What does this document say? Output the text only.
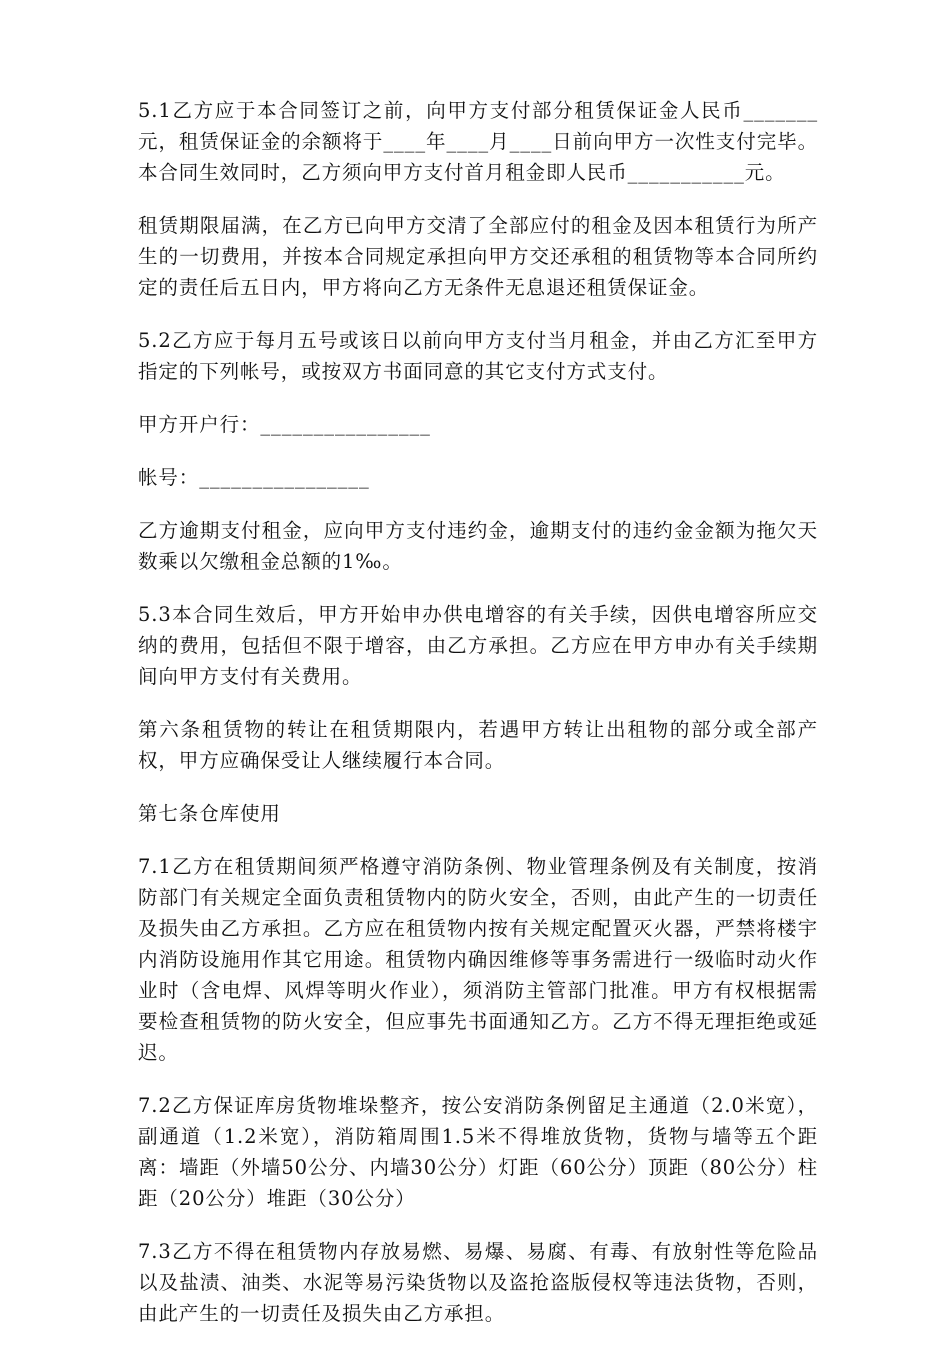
5.1乙方应于本合同签订之前，向甲方支付部分租赁保证金人民币_______元，租赁保证金的余额将于____年____月____日前向甲方一次性支付完毕。本合同生效同时，乙方须向甲方支付首月租金即人民币___________元。

租赁期限届满，在乙方已向甲方交清了全部应付的租金及因本租赁行为所产生的一切费用，并按本合同规定承担向甲方交还承租的租赁物等本合同所约定的责任后五日内，甲方将向乙方无条件无息退还租赁保证金。

5.2乙方应于每月五号或该日以前向甲方支付当月租金，并由乙方汇至甲方指定的下列帐号，或按双方书面同意的其它支付方式支付。

甲方开户行：________________

帐号：________________

乙方逾期支付租金，应向甲方支付违约金，逾期支付的违约金金额为拖欠天数乘以欠缴租金总额的1‰。

5.3本合同生效后，甲方开始申办供电增容的有关手续，因供电增容所应交纳的费用，包括但不限于增容，由乙方承担。乙方应在甲方申办有关手续期间向甲方支付有关费用。

第六条租赁物的转让在租赁期限内，若遇甲方转让出租物的部分或全部产权，甲方应确保受让人继续履行本合同。

第七条仓库使用

7.1乙方在租赁期间须严格遵守消防条例、物业管理条例及有关制度，按消防部门有关规定全面负责租赁物内的防火安全，否则，由此产生的一切责任及损失由乙方承担。乙方应在租赁物内按有关规定配置灭火器，严禁将楼宇内消防设施用作其它用途。租赁物内确因维修等事务需进行一级临时动火作业时（含电焊、风焊等明火作业），须消防主管部门批准。甲方有权根据需要检查租赁物的防火安全，但应事先书面通知乙方。乙方不得无理拒绝或延迟。

7.2乙方保证库房货物堆垛整齐，按公安消防条例留足主通道（2.0米宽），副通道（1.2米宽），消防箱周围1.5米不得堆放货物，货物与墙等五个距离：墙距（外墙50公分、内墙30公分）灯距（60公分）顶距（80公分）柱距（20公分）堆距（30公分）

7.3乙方不得在租赁物内存放易燃、易爆、易腐、有毒、有放射性等危险品以及盐渍、油类、水泥等易污染货物以及盗抢盗版侵权等违法货物，否则，由此产生的一切责任及损失由乙方承担。
